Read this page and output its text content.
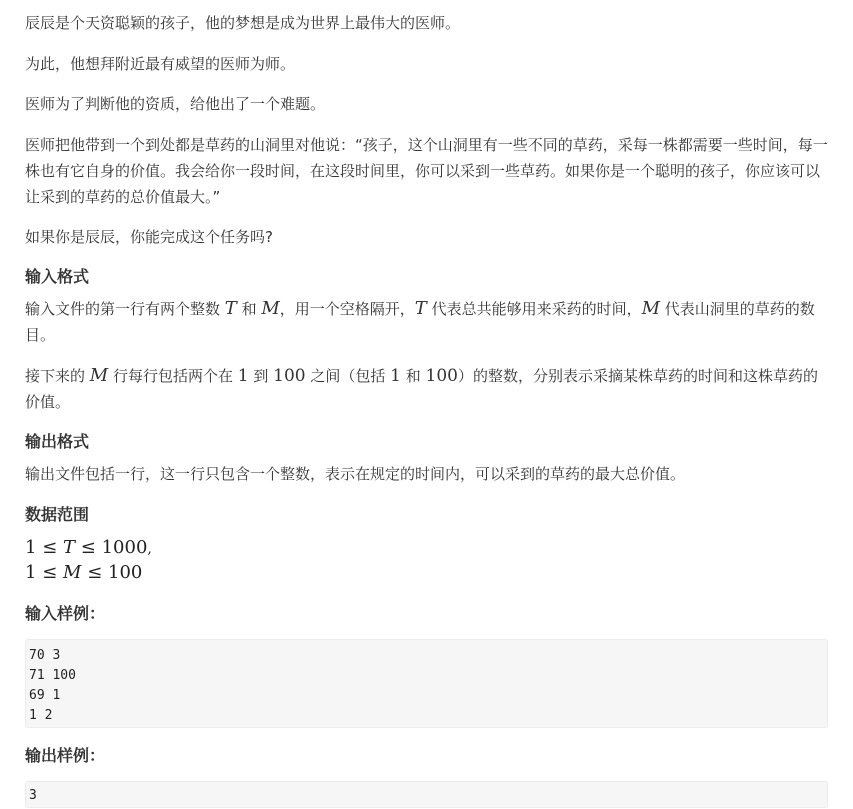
辰辰是个天资聪颖的孩子，他的梦想是成为世界上最伟大的医师。

为此，他想拜附近最有威望的医师为师。

医师为了判断他的资质，给他出了一个难题。

医师把他带到一个到处都是草药的山洞里对他说：“孩子，这个山洞里有一些不同的草药，采每一株都需要一些时间，每一株也有它自身的价值。我会给你一段时间，在这段时间里，你可以采到一些草药。如果你是一个聪明的孩子，你应该可以让采到的草药的总价值最大。”

如果你是辰辰，你能完成这个任务吗?

输入格式

输入文件的第一行有两个整数 T 和 M，用一个空格隔开，T 代表总共能够用来采药的时间，M 代表山洞里的草药的数目。

接下来的 M 行每行包括两个在 1 到 100 之间（包括 1 和 100）的整数，分别表示采摘某株草药的时间和这株草药的价值。

输出格式

输出文件包括一行，这一行只包含一个整数，表示在规定的时间内，可以采到的草药的最大总价值。

数据范围
1 ≤ T ≤ 1000,
1 ≤ M ≤ 100
输入样例：
70 3
71 100
69 1
1 2
输出样例：
3
